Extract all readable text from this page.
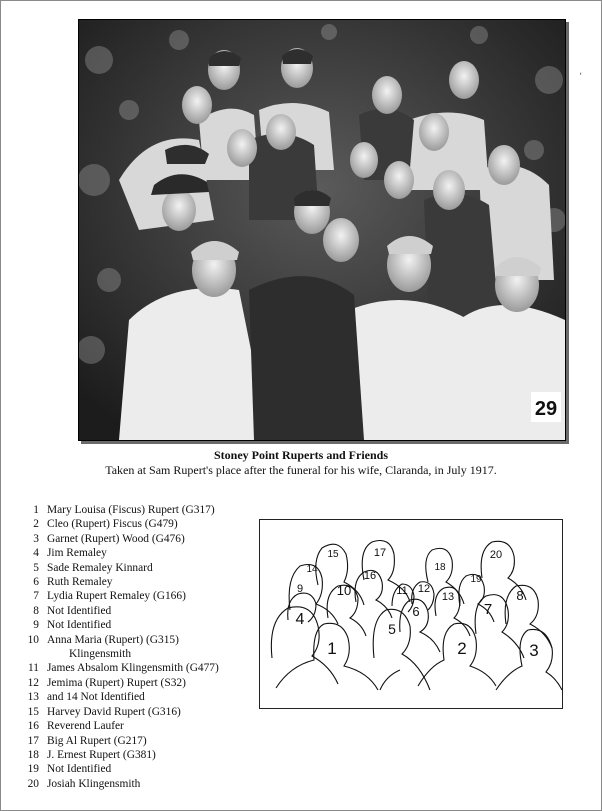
29
‘
Stoney Point Ruperts and Friends
Taken at Sam Rupert's place after the funeral for his wife, Claranda, in July 1917.
1 Mary Louisa (Fiscus) Rupert (G317)
2 Cleo (Rupert) Fiscus (G479)
3 Garnet (Rupert) Wood (G476)
4 Jim Remaley
5 Sade Remaley Kinnard
6 Ruth Remaley
7 Lydia Rupert Remaley (G166)
8 Not Identified
9 Not Identified
10 Anna Maria (Rupert) (G315)
Klingensmith
11 James Absalom Klingensmith (G477)
12 Jemima (Rupert) Rupert (S32)
13 and 14 Not Identified
15 Harvey David Rupert (G316)
16 Reverend Laufer
17 Big Al Rupert (G217)
18 J. Ernest Rupert (G381)
19 Not Identified
20 Josiah Klingensmith
1	2	3
4
5
6	7
8
9	10	11 12
13
14
15
16
17
18
19
20
